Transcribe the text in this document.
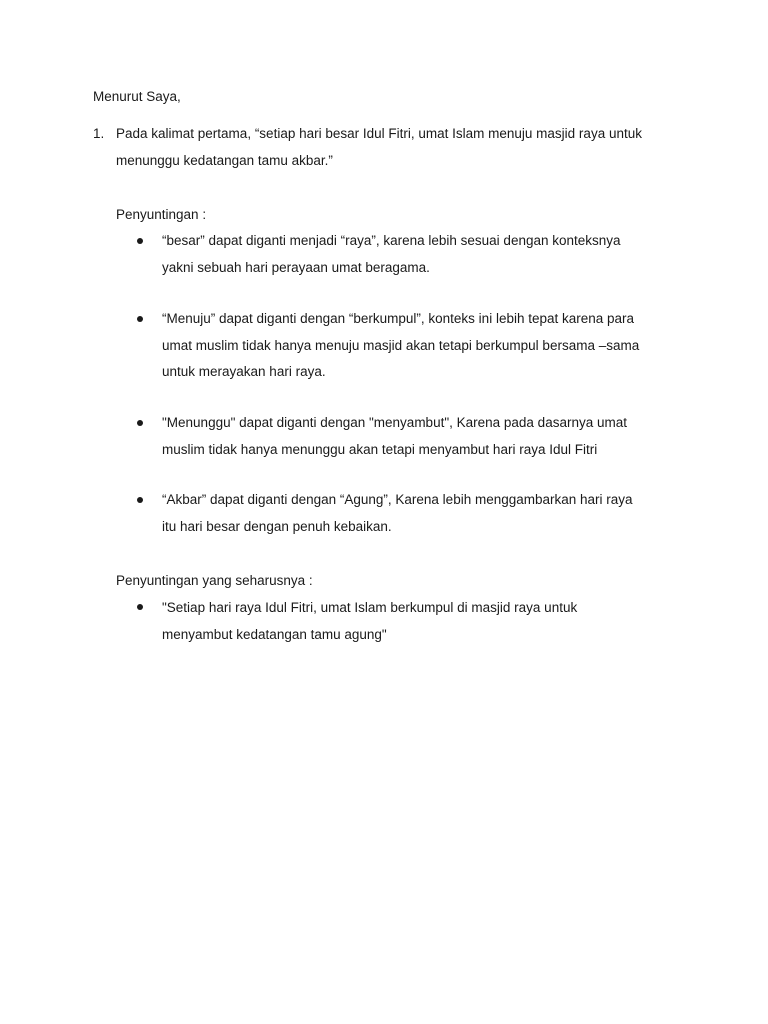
Menurut Saya,
1. Pada kalimat pertama, “setiap hari besar Idul Fitri, umat Islam menuju masjid raya untuk
menunggu kedatangan tamu akbar.”
Penyuntingan :
“besar” dapat diganti menjadi “raya”, karena lebih sesuai dengan konteksnya
yakni sebuah hari perayaan umat beragama.
“Menuju” dapat diganti dengan “berkumpul”, konteks ini lebih tepat karena para
umat muslim tidak hanya menuju masjid akan tetapi berkumpul bersama –sama
untuk merayakan hari raya.
"Menunggu" dapat diganti dengan "menyambut", Karena pada dasarnya umat
muslim tidak hanya menunggu akan tetapi menyambut hari raya Idul Fitri
“Akbar” dapat diganti dengan “Agung”, Karena lebih menggambarkan hari raya
itu hari besar dengan penuh kebaikan.
Penyuntingan yang seharusnya :
"Setiap hari raya Idul Fitri, umat Islam berkumpul di masjid raya untuk
menyambut kedatangan tamu agung"
